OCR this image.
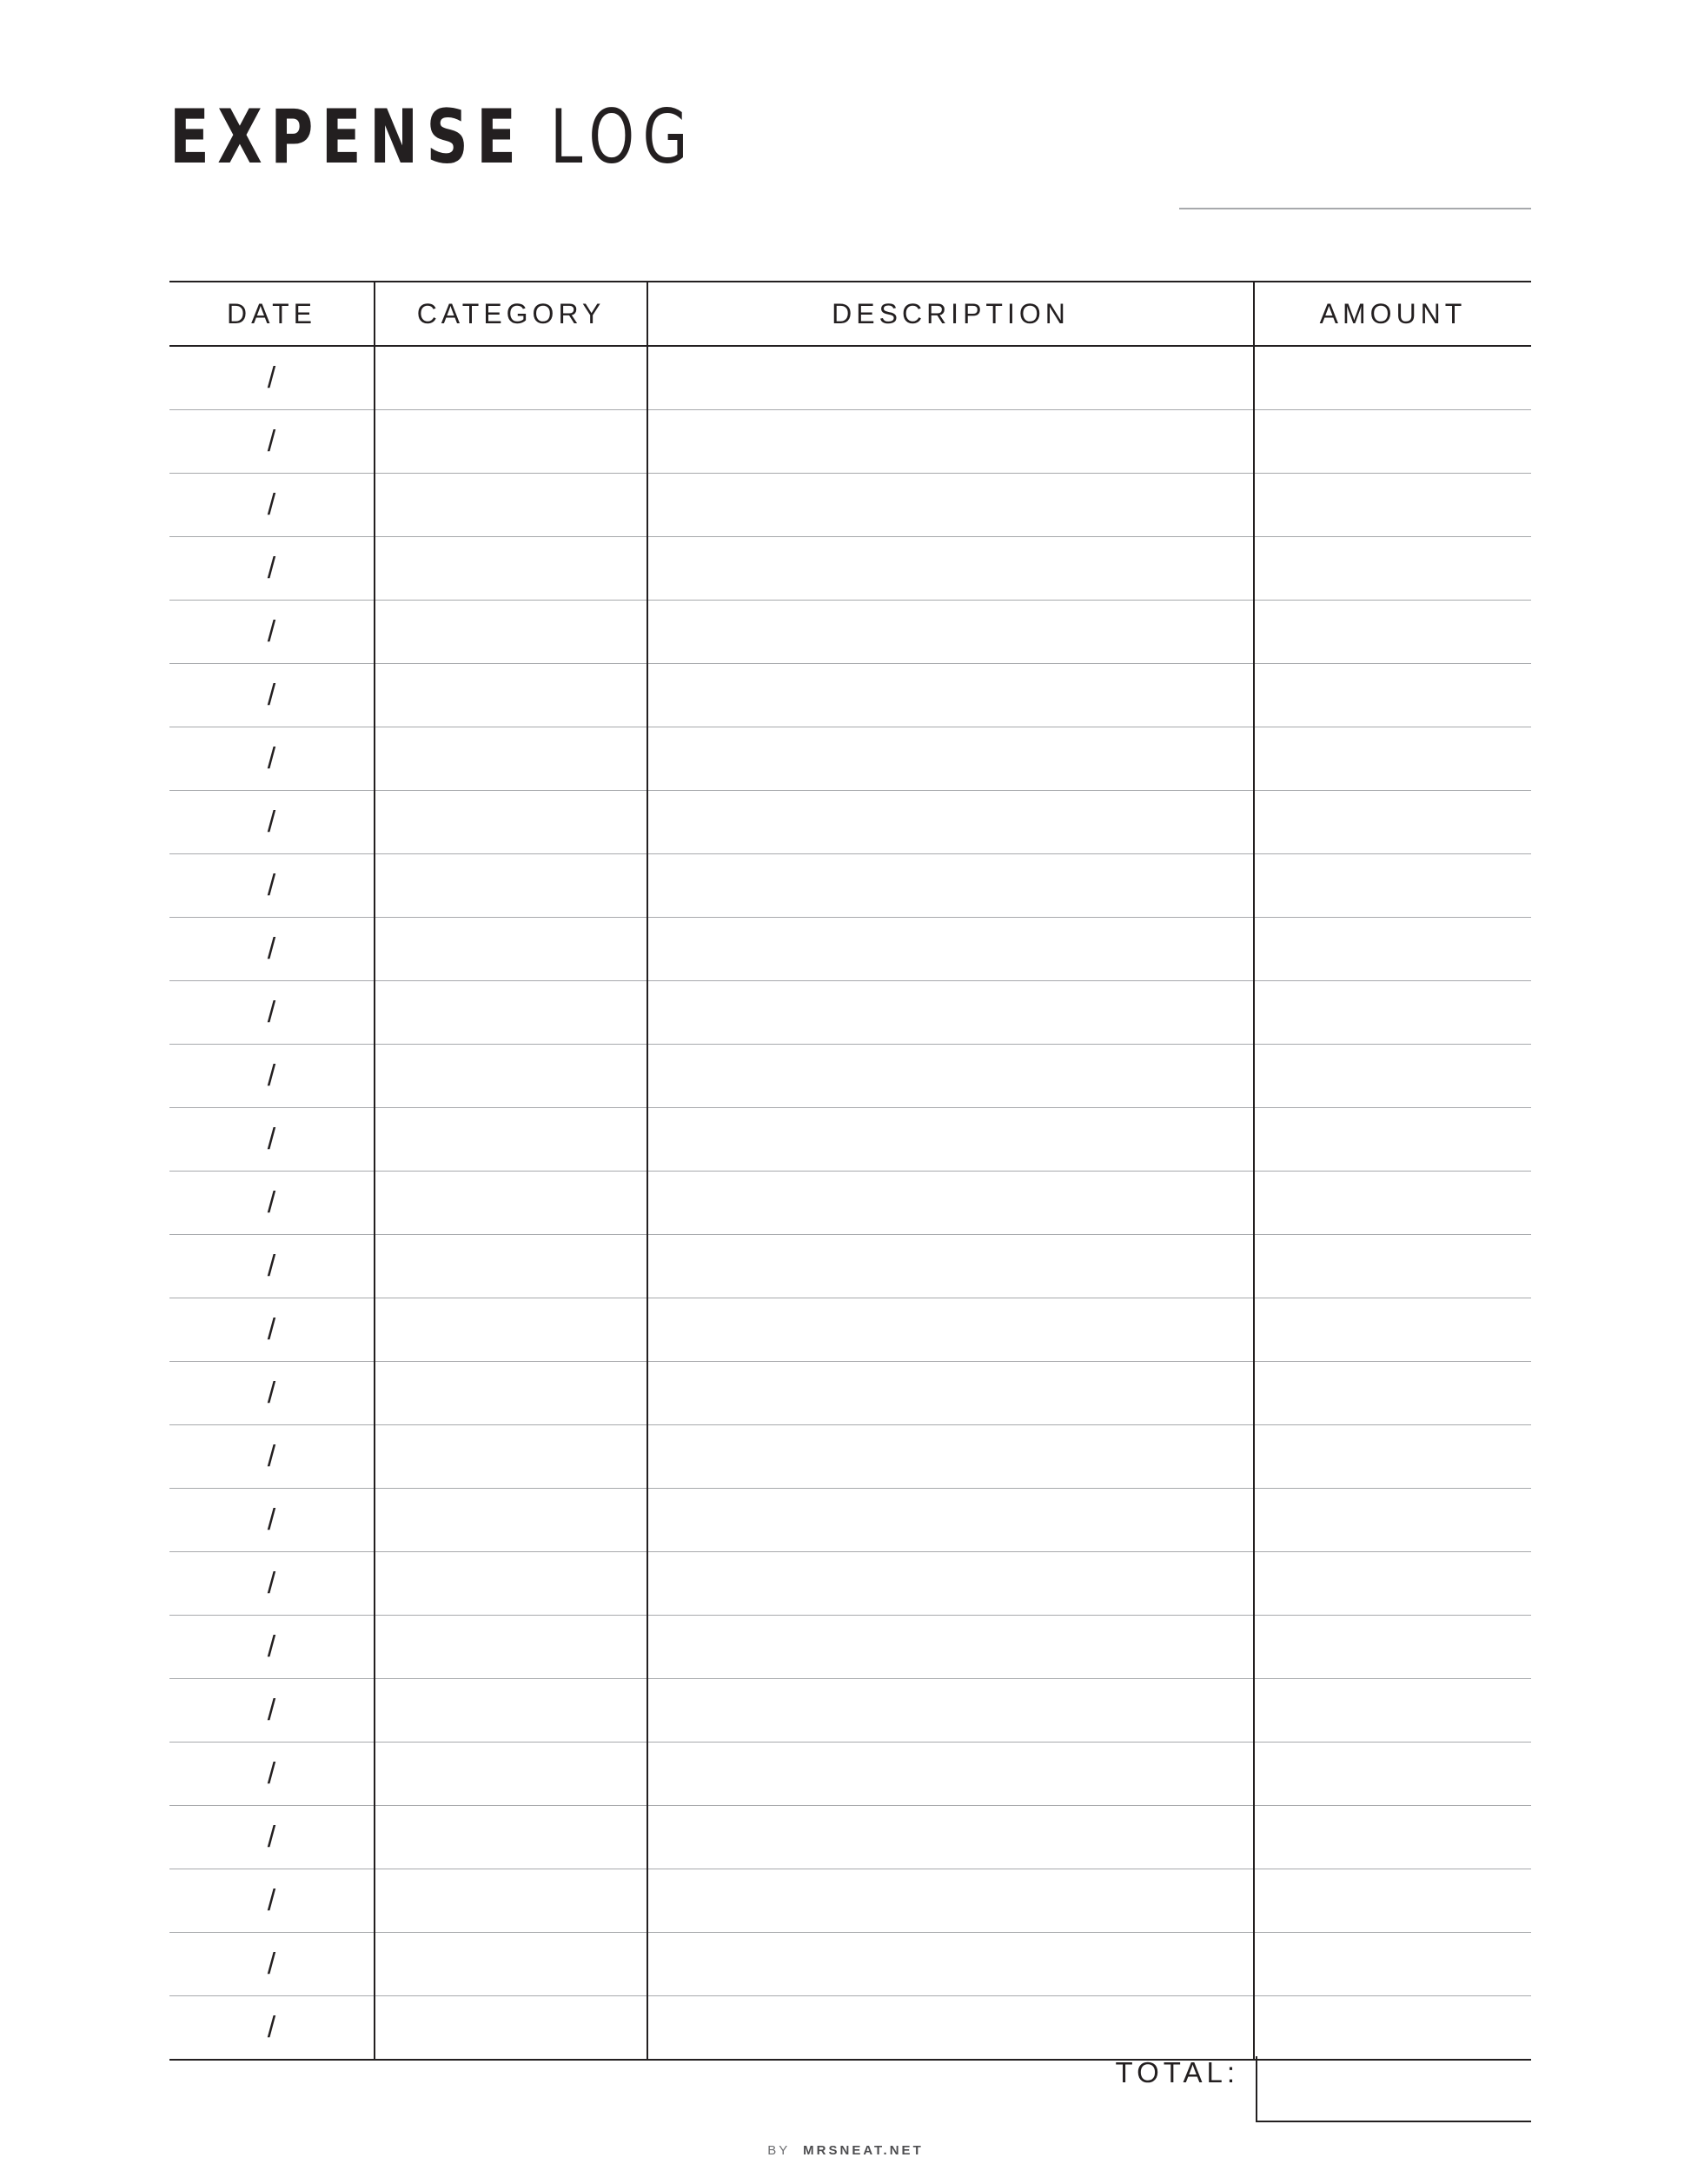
EXPENSE LOG
DATE	CATEGORY	DESCRIPTION	AMOUNT
/			
/			
/			
/			
/			
/			
/			
/			
/			
/			
/			
/			
/			
/			
/			
/			
/			
/			
/			
/			
/			
/			
/			
/			
/			
/			
/			
TOTAL:
BY MRSNEAT.NET
